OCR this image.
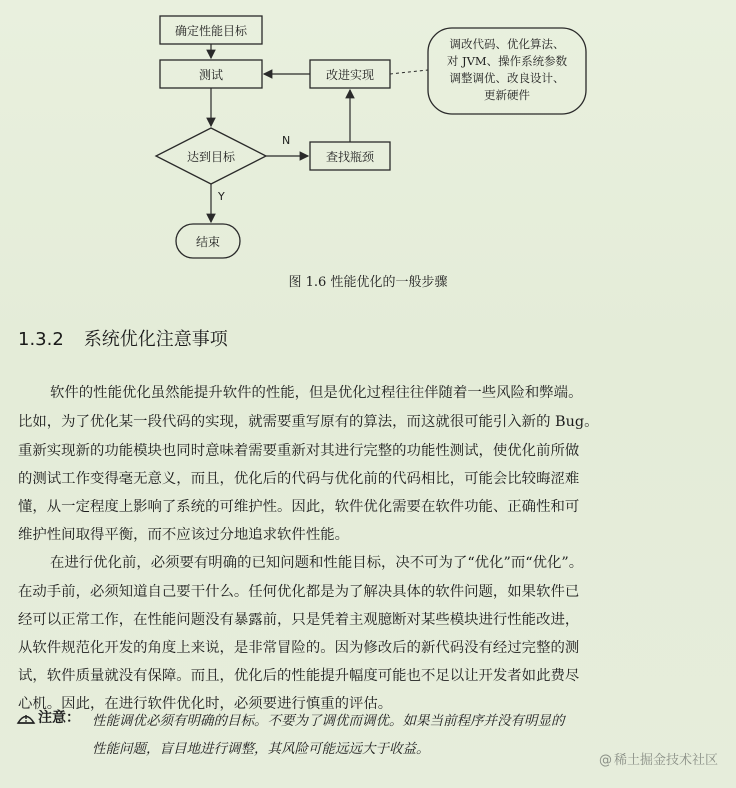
确定性能目标
测试	改进实现
达到目标	查找瓶颈
结束
调改代码、优化算法、
对 JVM、操作系统参数
调整调优、改良设计、
更新硬件
N
Y
图 1.6 性能优化的一般步骤
1.3.2 系统优化注意事项
软件的性能优化虽然能提升软件的性能，但是优化过程往往伴随着一些风险和弊端。
比如，为了优化某一段代码的实现，就需要重写原有的算法，而这就很可能引入新的 Bug。
重新实现新的功能模块也同时意味着需要重新对其进行完整的功能性测试，使优化前所做
的测试工作变得毫无意义，而且，优化后的代码与优化前的代码相比，可能会比较晦涩难
懂，从一定程度上影响了系统的可维护性。因此，软件优化需要在软件功能、正确性和可
维护性间取得平衡，而不应该过分地追求软件性能。
在进行优化前，必须要有明确的已知问题和性能目标，决不可为了“优化”而“优化”。
在动手前，必须知道自己要干什么。任何优化都是为了解决具体的软件问题，如果软件已
经可以正常工作，在性能问题没有暴露前，只是凭着主观臆断对某些模块进行性能改进，
从软件规范化开发的角度上来说，是非常冒险的。因为修改后的新代码没有经过完整的测
试，软件质量就没有保障。而且，优化后的性能提升幅度可能也不足以让开发者如此费尽
心机。因此，在进行软件优化时，必须要进行慎重的评估。
注意： 性能调优必须有明确的目标。不要为了调优而调优。如果当前程序并没有明显的
性能问题，盲目地进行调整，其风险可能远远大于收益。
@ 稀土掘金技术社区
